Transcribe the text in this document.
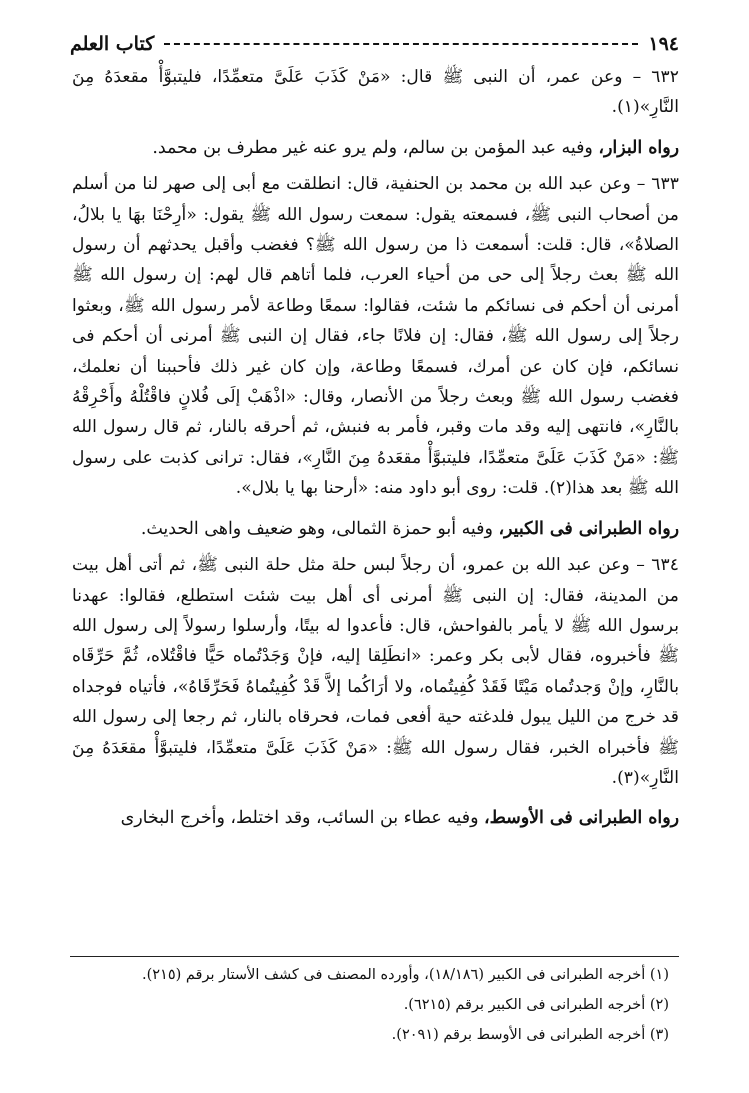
١٩٤
كتاب العلم

٦٣٢ – وعن عمر، أن النبى ﷺ قال: «مَنْ كَذَبَ عَلَىَّ متعمِّدًا، فليتبوَّأْ مقعدَهُ مِنَ النَّارِ»(١).

رواه البزار، وفيه عبد المؤمن بن سالم، ولم يرو عنه غير مطرف بن محمد.

٦٣٣ – وعن عبد الله بن محمد بن الحنفية، قال: انطلقت مع أبى إلى صهر لنا من أسلم من أصحاب النبى ﷺ، فسمعته يقول: سمعت رسول الله ﷺ يقول: «أرِحْنَا بهَا يا بلالُ، الصلاةُ»، قال: قلت: أسمعت ذا من رسول الله ﷺ؟ فغضب وأقبل يحدثهم أن رسول الله ﷺ بعث رجلاً إلى حى من أحياء العرب، فلما أتاهم قال لهم: إن رسول الله ﷺ أمرنى أن أحكم فى نسائكم ما شئت، فقالوا: سمعًا وطاعة لأمر رسول الله ﷺ، وبعثوا رجلاً إلى رسول الله ﷺ، فقال: إن فلانًا جاء، فقال إن النبى ﷺ أمرنى أن أحكم فى نسائكم، فإن كان عن أمرك، فسمعًا وطاعة، وإن كان غير ذلك فأحببنا أن نعلمك، فغضب رسول الله ﷺ وبعث رجلاً من الأنصار، وقال: «اذْهَبْ إلَى فُلانٍ فاقْتُلْهُ وأَحْرِقْهُ بالنَّارِ»، فانتهى إليه وقد مات وقبر، فأمر به فنبش، ثم أحرقه بالنار، ثم قال رسول الله ﷺ: «مَنْ كَذَبَ عَلَىَّ متعمِّدًا، فليتبوَّأْ مقعَدهُ مِنَ النَّارِ»، فقال: ترانى كذبت على رسول الله ﷺ بعد هذا(٢). قلت: روى أبو داود منه: «أرحنا بها يا بلال».

رواه الطبرانى فى الكبير، وفيه أبو حمزة الثمالى، وهو ضعيف واهى الحديث.

٦٣٤ – وعن عبد الله بن عمرو، أن رجلاً لبس حلة مثل حلة النبى ﷺ، ثم أتى أهل بيت من المدينة، فقال: إن النبى ﷺ أمرنى أى أهل بيت شئت استطلع، فقالوا: عهدنا برسول الله ﷺ لا يأمر بالفواحش، قال: فأعدوا له بيتًا، وأرسلوا رسولاً إلى رسول الله ﷺ فأخبروه، فقال لأبى بكر وعمر: «انطَلِقا إليه، فإنْ وَجَدْتُماه حَيًّا فاقْتُلاه، ثُمَّ حَرِّقَاه بالنَّارِ، وإنْ وَجدتُماه مَيْتًا فَقَدْ كُفِيتُماه، ولا أرَاكُما إلاَّ قَدْ كُفِيتُماهُ فَحَرِّقَاهُ»، فأتياه فوجداه قد خرج من الليل يبول فلدغته حية أفعى فمات، فحرقاه بالنار، ثم رجعا إلى رسول الله ﷺ فأخبراه الخبر، فقال رسول الله ﷺ: «مَنْ كَذَبَ عَلَىَّ متعمِّدًا، فليتبوَّأْ مقعَدَهُ مِنَ النَّارِ»(٣).

رواه الطبرانى فى الأوسط، وفيه عطاء بن السائب، وقد اختلط، وأخرج البخارى

(١) أخرجه الطبرانى فى الكبير (١٨/١٨٦)، وأورده المصنف فى كشف الأستار برقم (٢١٥).
(٢) أخرجه الطبرانى فى الكبير برقم (٦٢١٥).
(٣) أخرجه الطبرانى فى الأوسط برقم (٢٠٩١).
